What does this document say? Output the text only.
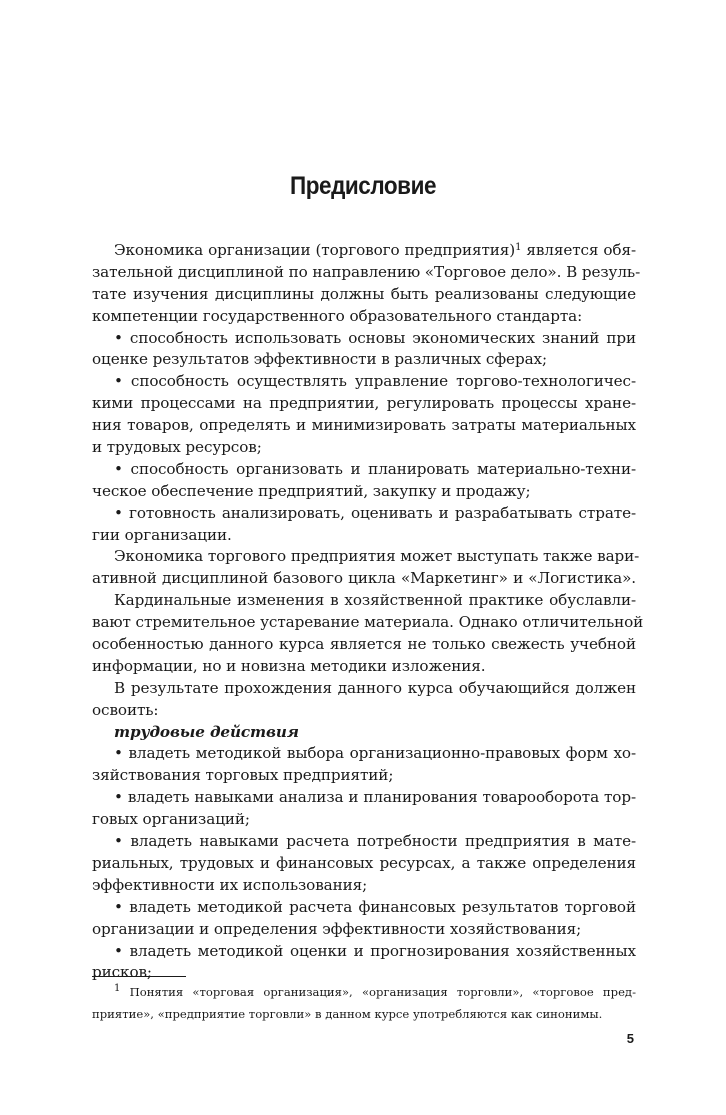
Предисловие
Экономика организации (торгового предприятия)$^1$ является обя-
зательной дисциплиной по направлению «Торговое дело». В резуль-
тате изучения дисциплины должны быть реализованы следующие
компетенции государственного образовательного стандарта:
• способность использовать основы экономических знаний при
оценке результатов эффективности в различных сферах;
• способность осуществлять управление торгово-технологичес-
кими процессами на предприятии, регулировать процессы хране-
ния товаров, определять и минимизировать затраты материальных
и трудовых ресурсов;
• способность организовать и планировать материально-техни-
ческое обеспечение предприятий, закупку и продажу;
• готовность анализировать, оценивать и разрабатывать страте-
гии организации.
Экономика торгового предприятия может выступать также вари-
ативной дисциплиной базового цикла «Маркетинг» и «Логистика».
Кардинальные изменения в хозяйственной практике обуславли-
вают стремительное устаревание материала. Однако отличительной
особенностью данного курса является не только свежесть учебной
информации, но и новизна методики изложения.
В результате прохождения данного курса обучающийся должен
освоить:
трудовые действия
• владеть методикой выбора организационно-правовых форм хо-
зяйствования торговых предприятий;
• владеть навыками анализа и планирования товарооборота тор-
говых организаций;
• владеть навыками расчета потребности предприятия в мате-
риальных, трудовых и финансовых ресурсах, а также определения
эффективности их использования;
• владеть методикой расчета финансовых результатов торговой
организации и определения эффективности хозяйствования;
• владеть методикой оценки и прогнозирования хозяйственных
рисков;
$^1$ Понятия «торговая организация», «организация торговли», «торговое пред-
приятие», «предприятие торговли» в данном курсе употребляются как синонимы.
5
